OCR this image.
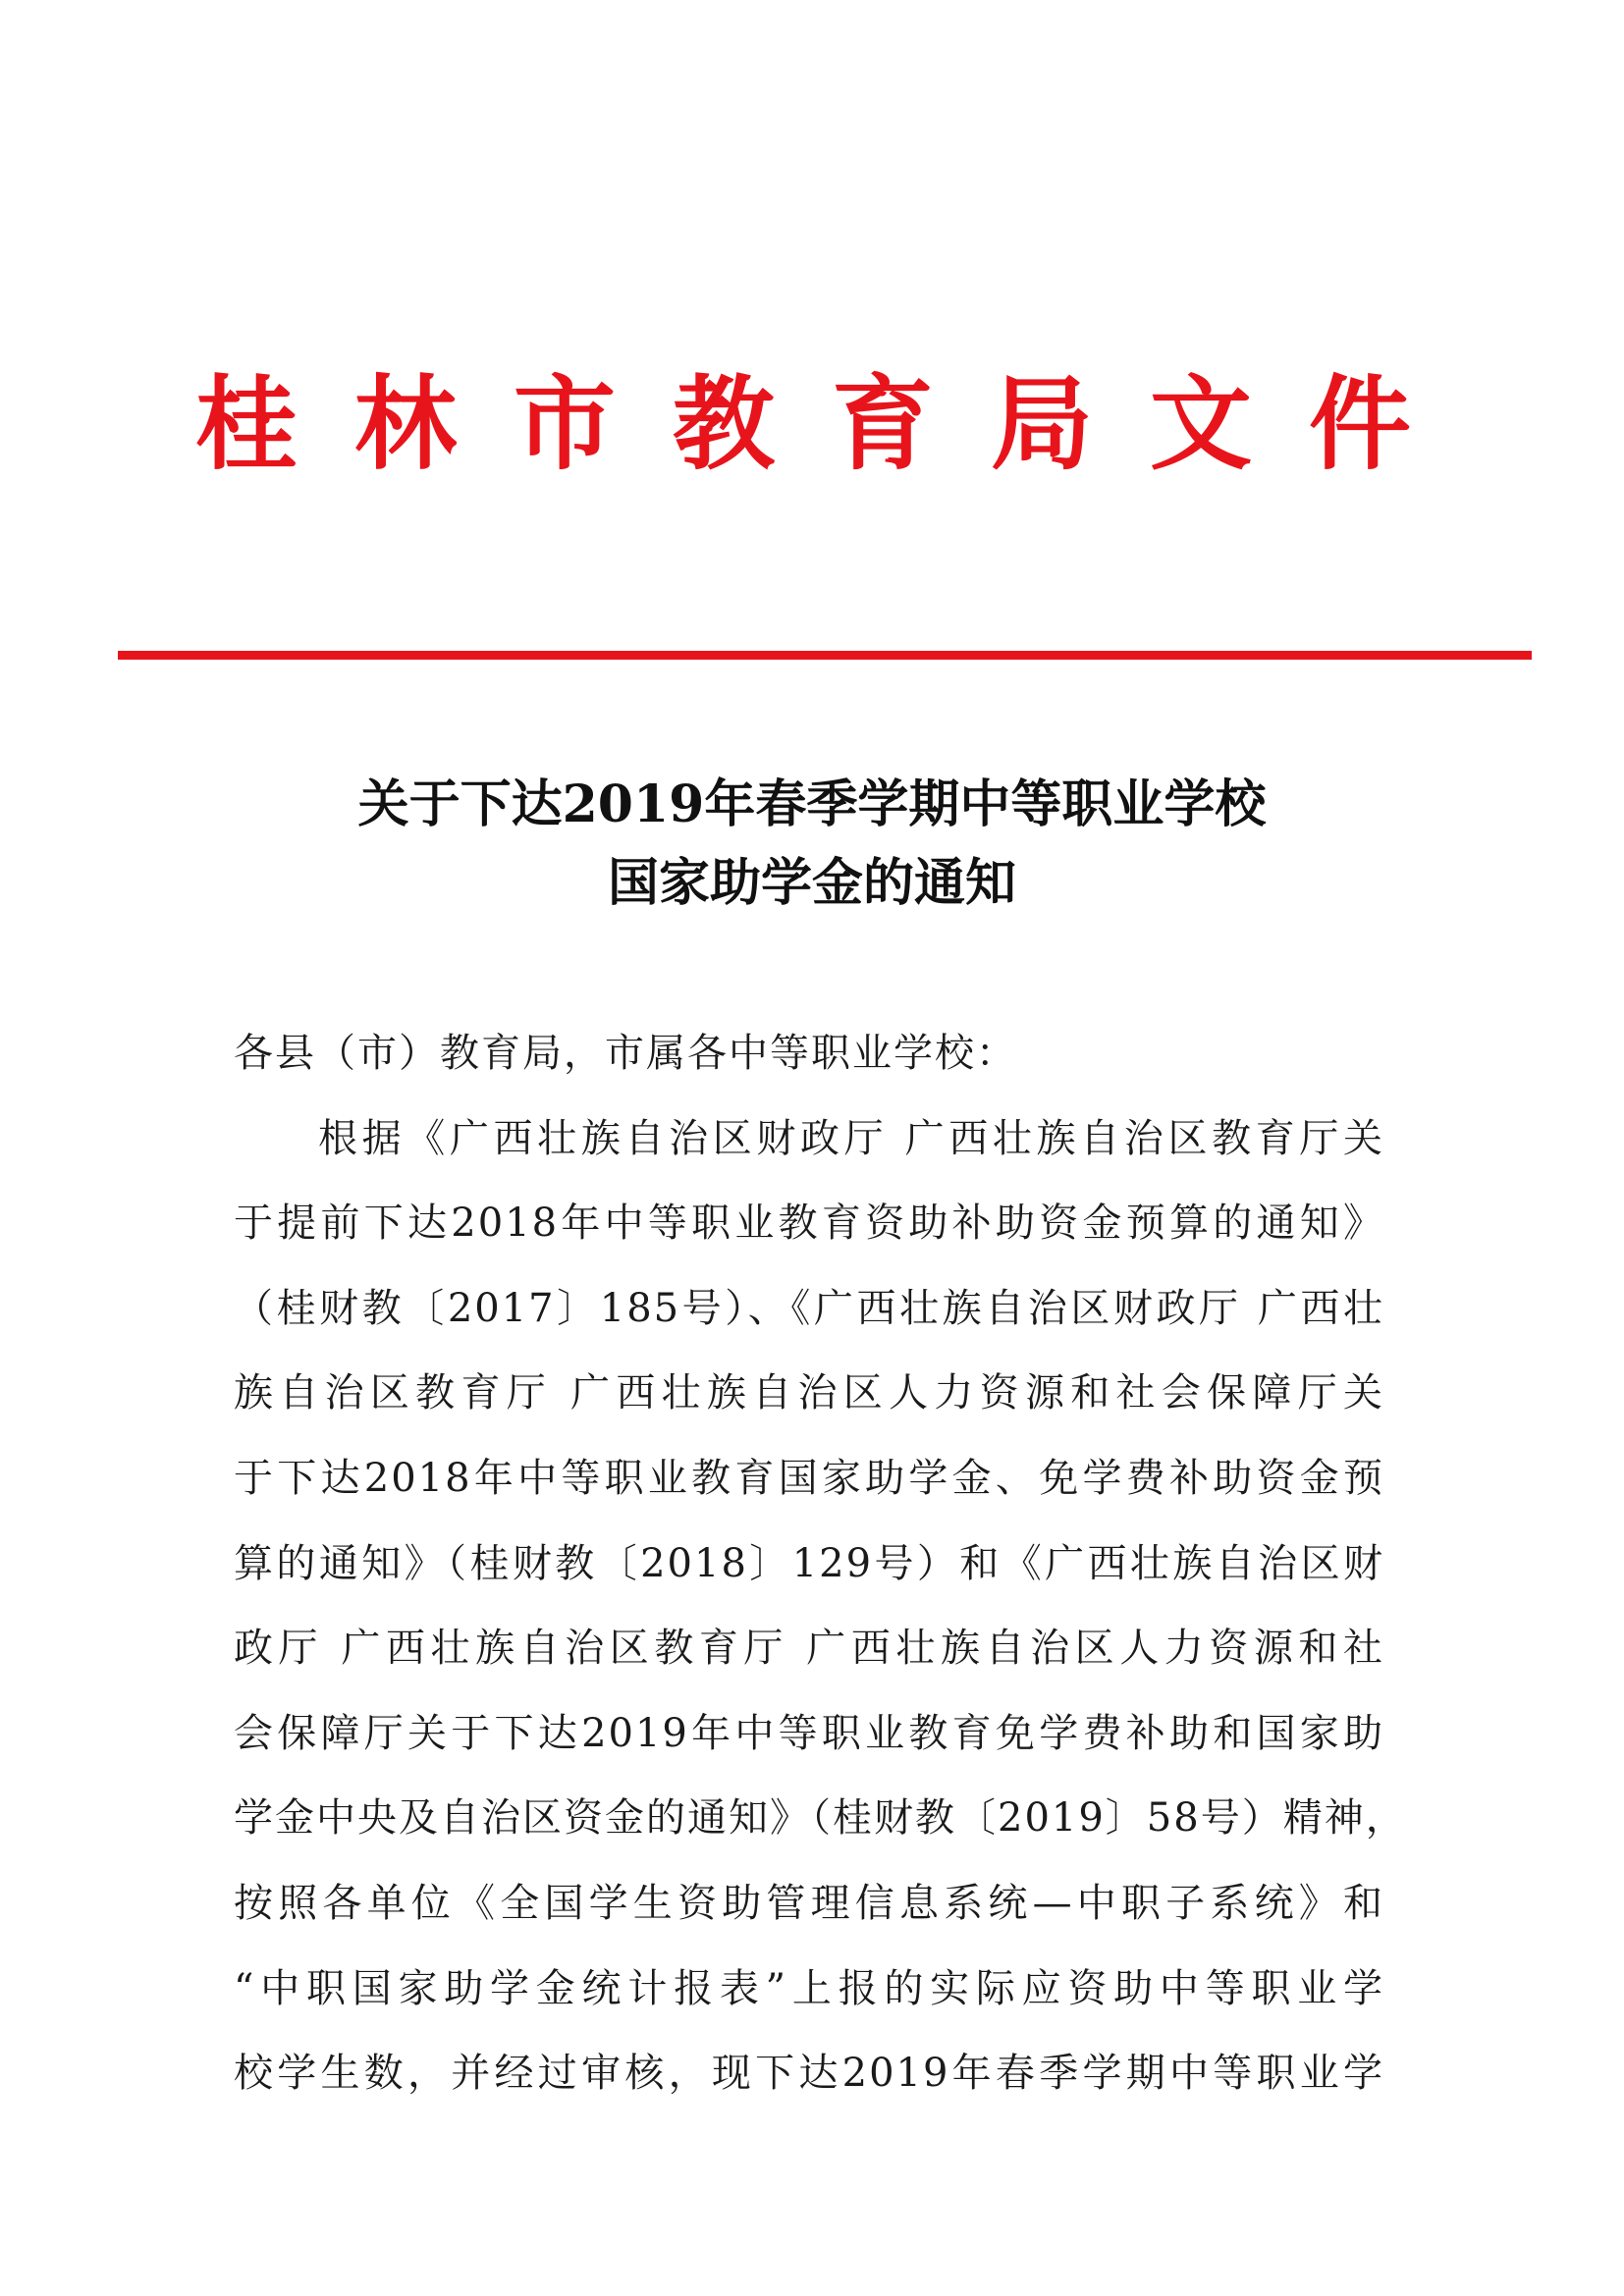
桂林市教育局文件
关于下达2019年春季学期中等职业学校
国家助学金的通知
各县（市）教育局，市属各中等职业学校：
根据《广西壮族自治区财政厅 广西壮族自治区教育厅关
于提前下达2018年中等职业教育资助补助资金预算的通知》
（桂财教〔2017〕185号）、《广西壮族自治区财政厅 广西壮
族自治区教育厅 广西壮族自治区人力资源和社会保障厅关
于下达2018年中等职业教育国家助学金、免学费补助资金预
算的通知》（桂财教〔2018〕129号）和《广西壮族自治区财
政厅 广西壮族自治区教育厅 广西壮族自治区人力资源和社
会保障厅关于下达2019年中等职业教育免学费补助和国家助
学金中央及自治区资金的通知》（桂财教〔2019〕58号）精神，
按照各单位《全国学生资助管理信息系统—中职子系统》和
“中职国家助学金统计报表”上报的实际应资助中等职业学
校学生数，并经过审核，现下达2019年春季学期中等职业学
